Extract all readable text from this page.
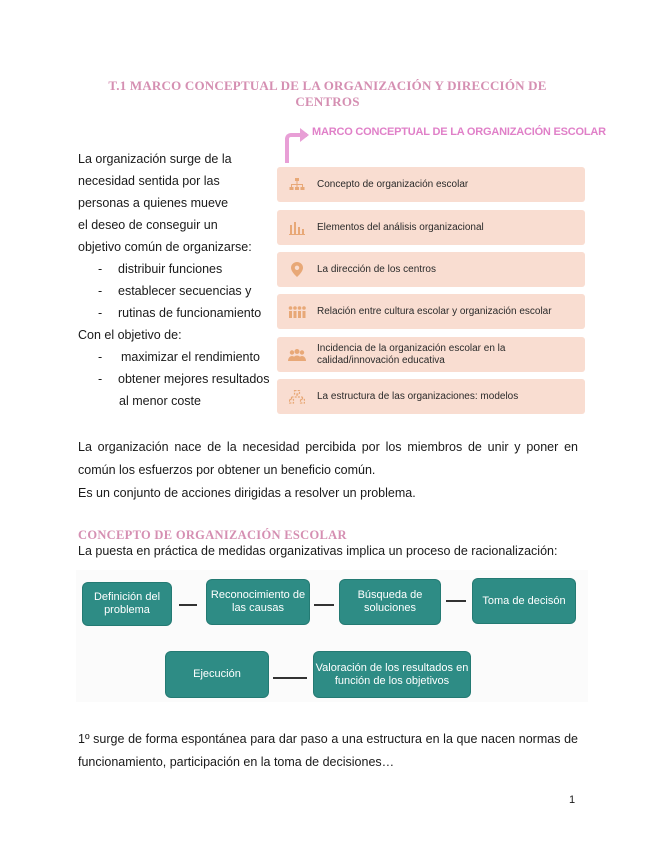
T.1 MARCO CONCEPTUAL DE LA ORGANIZACIÓN Y DIRECCIÓN DE CENTROS
MARCO CONCEPTUAL DE LA ORGANIZACIÓN ESCOLAR

La organización surge de la

necesidad sentida por las

personas a quienes mueve

el deseo de conseguir un

objetivo común de organizarse:

-	distribuir funciones
-	establecer secuencias y
-	rutinas de funcionamiento

Con el objetivo de:

-	maximizar el rendimiento
-	obtener mejores resultados

al menor coste

Concepto de organización escolar
Elementos del análisis organizacional
La dirección de los centros
Relación entre cultura escolar y organización escolar
Incidencia de la organización escolar en la calidad/innovación educativa
La estructura de las organizaciones: modelos

La organización nace de la necesidad percibida por los miembros de unir y poner en común los esfuerzos por obtener un beneficio común.

Es un conjunto de acciones dirigidas a resolver un problema.

CONCEPTO DE ORGANIZACIÓN ESCOLAR
La puesta en práctica de medidas organizativas implica un proceso de racionalización:
Definición del problema
Reconocimiento de las causas
Búsqueda de soluciones
Toma de decisón
Ejecución
Valoración de los resultados en función de los objetivos

1º surge de forma espontánea para dar paso a una estructura en la que nacen normas de funcionamiento, participación en la toma de decisiones…

1
